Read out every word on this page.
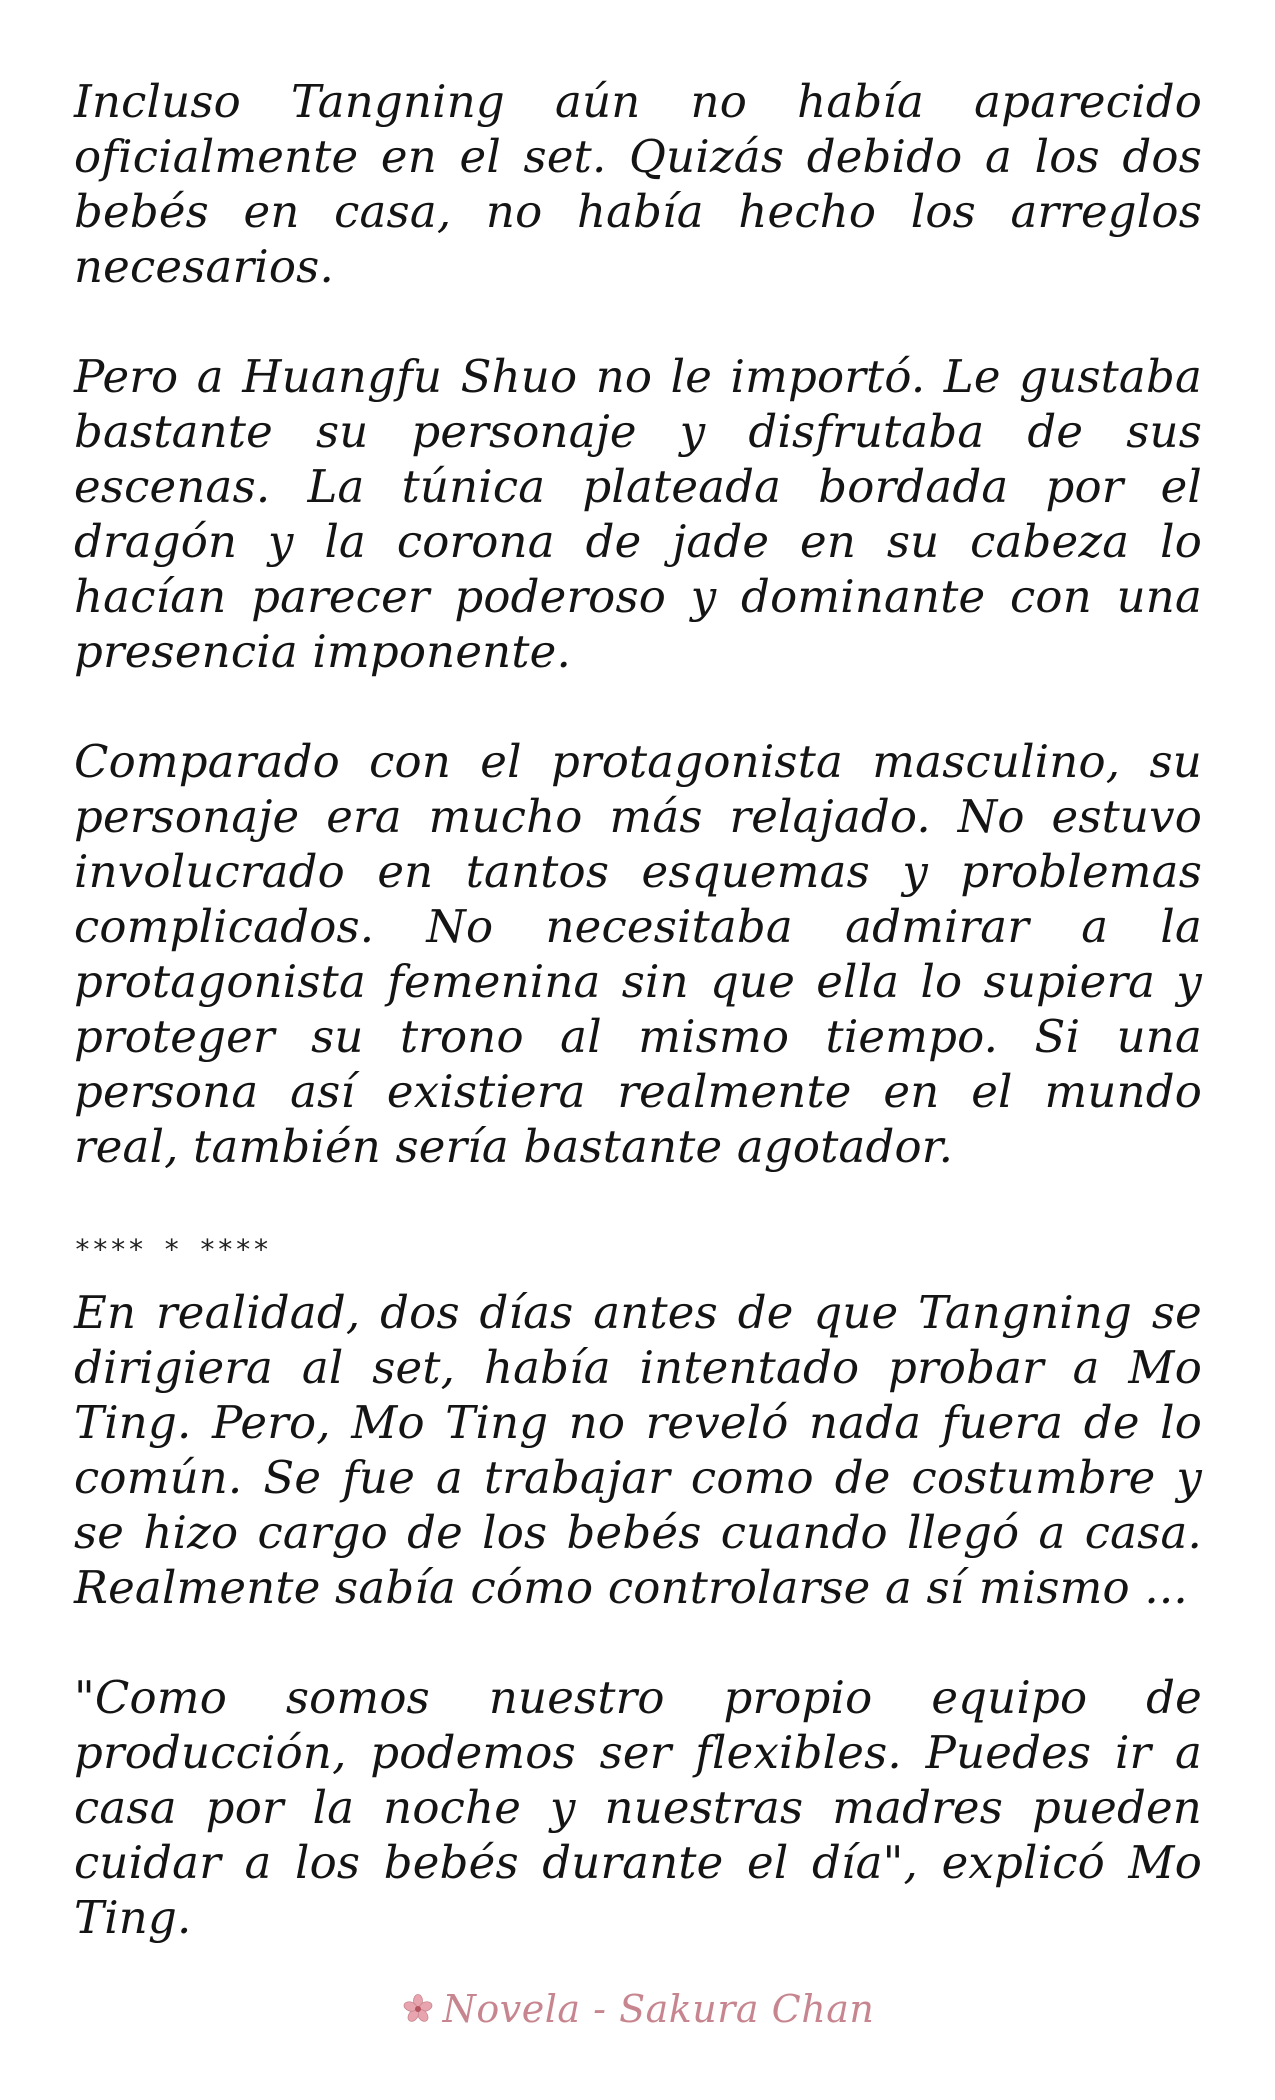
Incluso Tangning aún no había aparecido oficialmente en el set. Quizás debido a los dos bebés en casa, no había hecho los arreglos necesarios.

Pero a Huangfu Shuo no le importó. Le gustaba bastante su personaje y disfrutaba de sus escenas. La túnica plateada bordada por el dragón y la corona de jade en su cabeza lo hacían parecer poderoso y dominante con una presencia imponente.

Comparado con el protagonista masculino, su personaje era mucho más relajado. No estuvo involucrado en tantos esquemas y problemas complicados. No necesitaba admirar a la protagonista femenina sin que ella lo supiera y proteger su trono al mismo tiempo. Si una persona así existiera realmente en el mundo real, también sería bastante agotador.

**** * ****

En realidad, dos días antes de que Tangning se dirigiera al set, había intentado probar a Mo Ting. Pero, Mo Ting no reveló nada fuera de lo común. Se fue a trabajar como de costumbre y se hizo cargo de los bebés cuando llegó a casa. Realmente sabía cómo controlarse a sí mismo ...

"Como somos nuestro propio equipo de producción, podemos ser flexibles. Puedes ir a casa por la noche y nuestras madres pueden cuidar a los bebés durante el día", explicó Mo Ting.

Novela - Sakura Chan
